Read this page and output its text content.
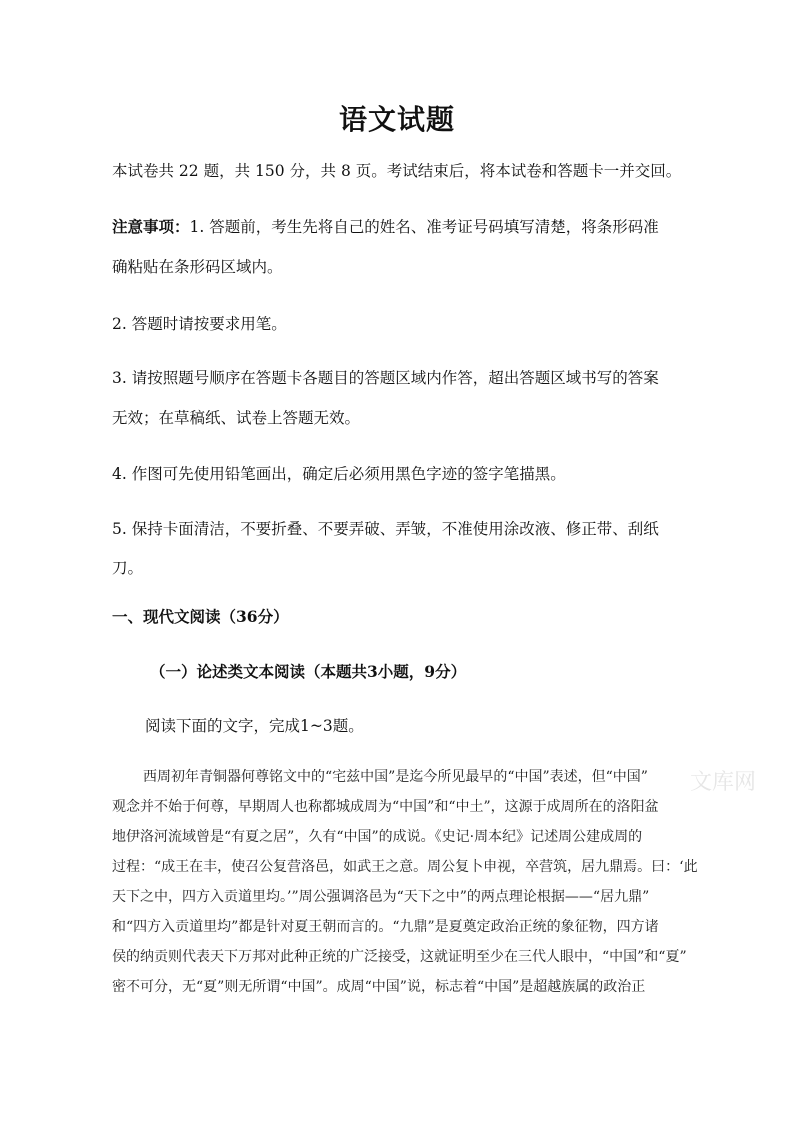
语文试题
本试卷共 22 题，共 150 分，共 8 页。考试结束后，将本试卷和答题卡一并交回。
注意事项：1. 答题前，考生先将自己的姓名、准考证号码填写清楚，将条形码准
确粘贴在条形码区域内。
2. 答题时请按要求用笔。
3. 请按照题号顺序在答题卡各题目的答题区域内作答，超出答题区域书写的答案
无效；在草稿纸、试卷上答题无效。
4. 作图可先使用铅笔画出，确定后必须用黑色字迹的签字笔描黑。
5. 保持卡面清洁，不要折叠、不要弄破、弄皱，不准使用涂改液、修正带、刮纸
刀。
一、现代文阅读（36分）
（一）论述类文本阅读（本题共3小题，9分）
阅读下面的文字，完成1~3题。
文库网
西周初年青铜器何尊铭文中的“宅兹中国”是迄今所见最早的“中国”表述，但“中国”
观念并不始于何尊，早期周人也称都城成周为“中国”和“中土”，这源于成周所在的洛阳盆
地伊洛河流域曾是“有夏之居”，久有“中国”的成说。《史记·周本纪》记述周公建成周的
过程：“成王在丰，使召公复营洛邑，如武王之意。周公复卜申视，卒营筑，居九鼎焉。曰：‘此
天下之中，四方入贡道里均。’”周公强调洛邑为“天下之中”的两点理论根据——“居九鼎”
和“四方入贡道里均”都是针对夏王朝而言的。“九鼎”是夏奠定政治正统的象征物，四方诸
侯的纳贡则代表天下万邦对此种正统的广泛接受，这就证明至少在三代人眼中，“中国”和“夏”
密不可分，无“夏”则无所谓“中国”。成周“中国”说，标志着“中国”是超越族属的政治正
